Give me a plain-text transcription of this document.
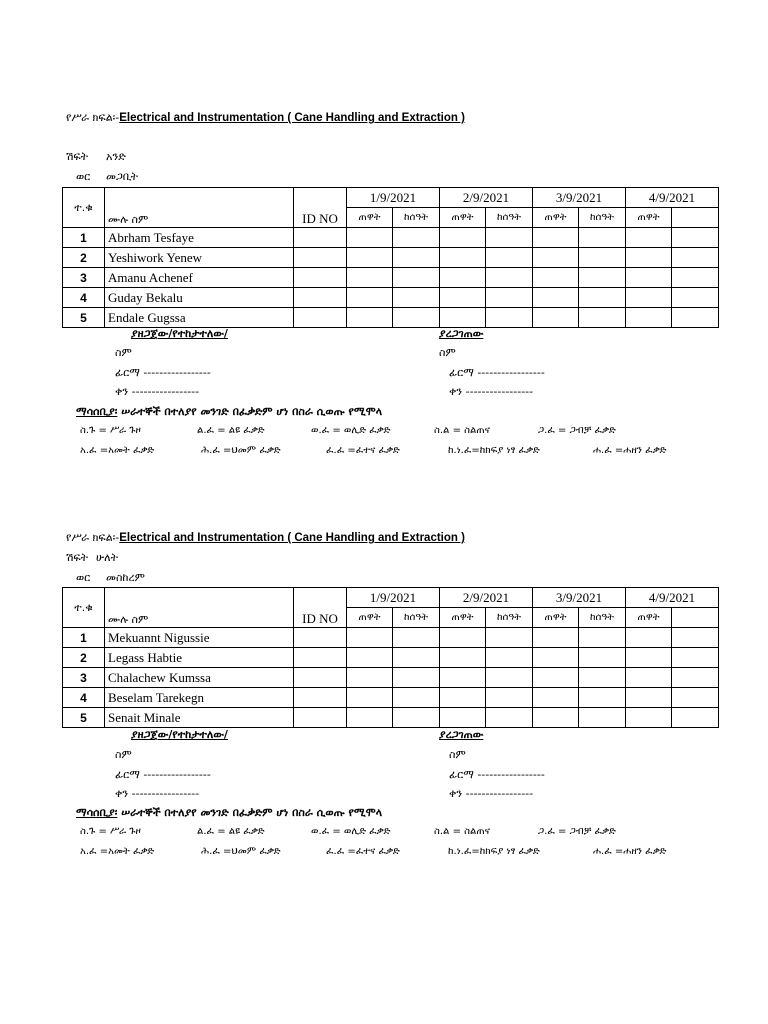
የሥራ ክፍል፡-Electrical and Instrumentation ( Cane Handling and Extraction )
ሽፍት አንድ
ወር መጋቢት
ተ.ቁ	ሙሉ ስም	ID NO	1/9/2021		2/9/2021		3/9/2021		4/9/2021	
			ጠዋት	ከሰዓት	ጠዋት	ከሰዓት	ጠዋት	ከሰዓት	ጠዋት	
1	Abrham Tesfaye									
2	Yeshiwork Yenew									
3	Amanu Achenef									
4	Guday Bekalu									
5	Endale Gugssa									
ያዘጋጀው/የተከታተለው/
ስም
ፊርማ -----------------
ቀን -----------------
ያረጋገጠው
ስም
ፊርማ -----------------
ቀን -----------------
ማሳሰቢያ፡ ሠራተኞች በተለያየ መንገድ በፈቃድም ሆነ በስራ ሲወጡ የሚሞላ
ስ.ጉ = ሥራ ጉዞ	ል.ፈ = ልዩ ፈቃድ	ወ.ፈ = ወሊድ ፈቃድ	ስ.ል = ስልጠና	ጋ.ፈ = ጋብቻ ፈቃድ
አ.ፈ =አመት ፈቃድ	ሕ.ፈ =ህመም ፈቃድ	ፈ.ፈ =ፈተና ፈቃድ	ከ.ነ.ፈ=ከክፍያ ነፃ ፈቃድ	ሐ.ፈ =ሐዘን ፈቃድ
የሥራ ክፍል፡-Electrical and Instrumentation ( Cane Handling and Extraction )
ሽፍት ሁለት
ወር መስከረም
ተ.ቁ	ሙሉ ስም	ID NO	1/9/2021		2/9/2021		3/9/2021		4/9/2021	
			ጠዋት	ከሰዓት	ጠዋት	ከሰዓት	ጠዋት	ከሰዓት	ጠዋት	
1	Mekuannt Nigussie									
2	Legass Habtie									
3	Chalachew Kumssa									
4	Beselam Tarekegn									
5	Senait Minale									
ያዘጋጀው/የተከታተለው/
ስም
ፊርማ -----------------
ቀን -----------------
ያረጋገጠው
ስም
ፊርማ -----------------
ቀን -----------------
ማሳሰቢያ፡ ሠራተኞች በተለያየ መንገድ በፈቃድም ሆነ በስራ ሲወጡ የሚሞላ
ስ.ጉ = ሥራ ጉዞ	ል.ፈ = ልዩ ፈቃድ	ወ.ፈ = ወሊድ ፈቃድ	ስ.ል = ስልጠና	ጋ.ፈ = ጋብቻ ፈቃድ
አ.ፈ =አመት ፈቃድ	ሕ.ፈ =ህመም ፈቃድ	ፈ.ፈ =ፈተና ፈቃድ	ከ.ነ.ፈ=ከክፍያ ነፃ ፈቃድ	ሐ.ፈ =ሐዘን ፈቃድ
